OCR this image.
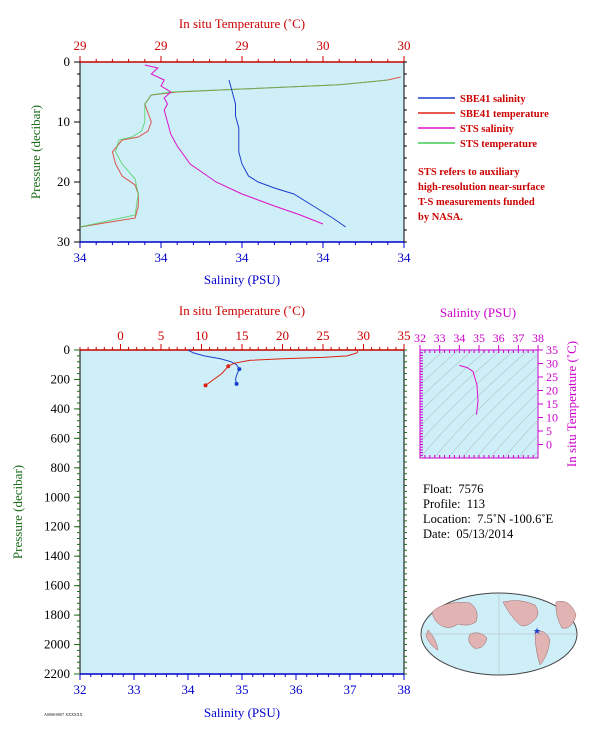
In situ Temperature (˚C)
29	29	29	30	30
34	34	34	34	34
0
10
20
30
Salinity (PSU)
Pressure (decibar)
SBE41 salinity
SBE41 temperature
STS salinity
STS temperature
In situ Temperature (˚C)
Salinity (PSU)
Pressure (decibar)
0	5 10 15 20 25 30 35
32	33	34	35	36	37	38
0
200
400
600
800
1000
1200
1400
1600
1800
2000
2200
Salinity (PSU)
In situ Temperature (˚C)
32 33 34 35 36 37 38
35
30
25
20
15
10
5
0
★
A0000-0007 XXXXXX
STS refers to auxiliary
high-resolution near-surface
T-S measurements funded
by NASA.
Float: 7576
Profile: 113
Location: 7.5˚N -100.6˚E
Date: 05/13/2014
